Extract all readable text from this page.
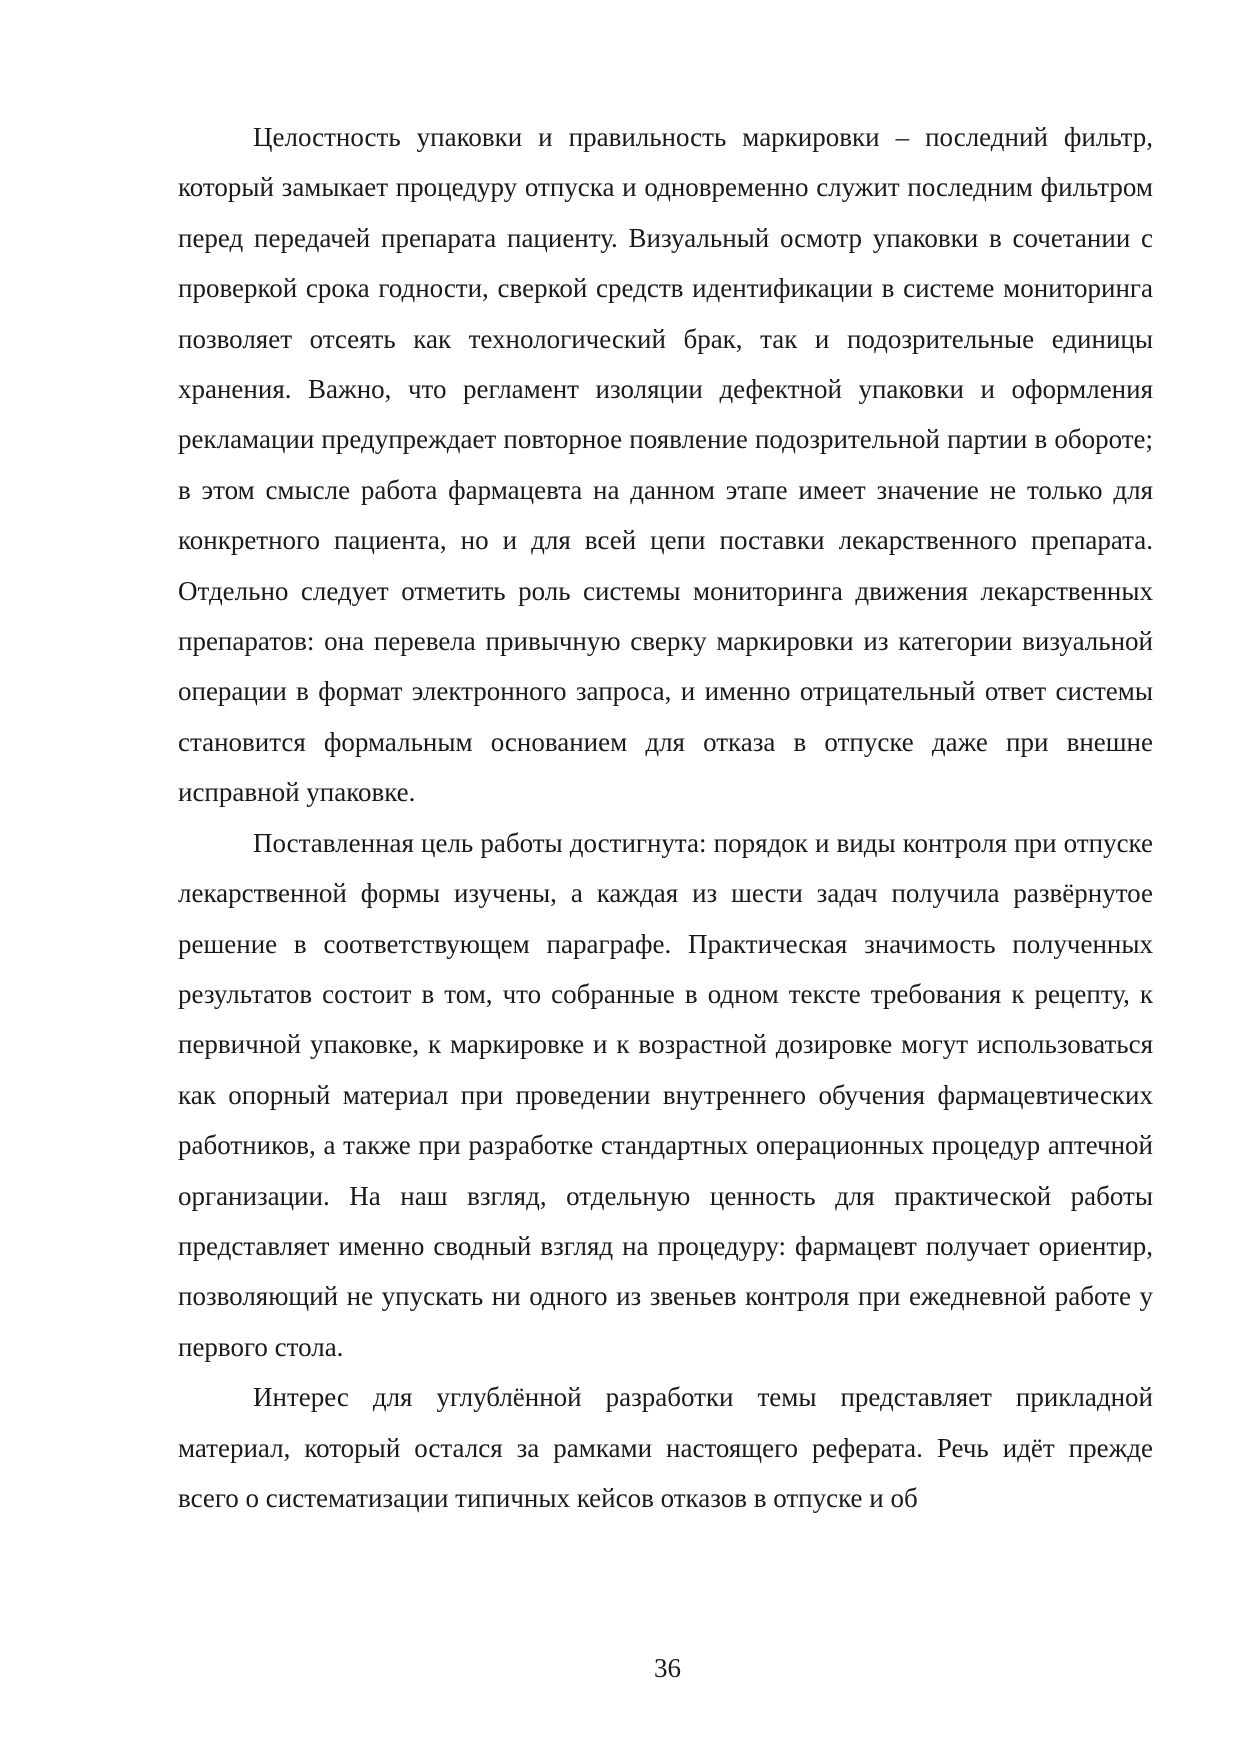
Целостность упаковки и правильность маркировки – последний фильтр, который замыкает процедуру отпуска и одновременно служит последним фильтром перед передачей препарата пациенту. Визуальный осмотр упаковки в сочетании с проверкой срока годности, сверкой средств идентификации в системе мониторинга позволяет отсеять как технологический брак, так и подозрительные единицы хранения. Важно, что регламент изоляции дефектной упаковки и оформления рекламации предупреждает повторное появление подозрительной партии в обороте; в этом смысле работа фармацевта на данном этапе имеет значение не только для конкретного пациента, но и для всей цепи поставки лекарственного препарата. Отдельно следует отметить роль системы мониторинга движения лекарственных препаратов: она перевела привычную сверку маркировки из категории визуальной операции в формат электронного запроса, и именно отрицательный ответ системы становится формальным основанием для отказа в отпуске даже при внешне исправной упаковке.

Поставленная цель работы достигнута: порядок и виды контроля при отпуске лекарственной формы изучены, а каждая из шести задач получила развёрнутое решение в соответствующем параграфе. Практическая значимость полученных результатов состоит в том, что собранные в одном тексте требования к рецепту, к первичной упаковке, к маркировке и к возрастной дозировке могут использоваться как опорный материал при проведении внутреннего обучения фармацевтических работников, а также при разработке стандартных операционных процедур аптечной организации. На наш взгляд, отдельную ценность для практической работы представляет именно сводный взгляд на процедуру: фармацевт получает ориентир, позволяющий не упускать ни одного из звеньев контроля при ежедневной работе у первого стола.

Интерес для углублённой разработки темы представляет прикладной материал, который остался за рамками настоящего реферата. Речь идёт прежде всего о систематизации типичных кейсов отказов в отпуске и об

36
